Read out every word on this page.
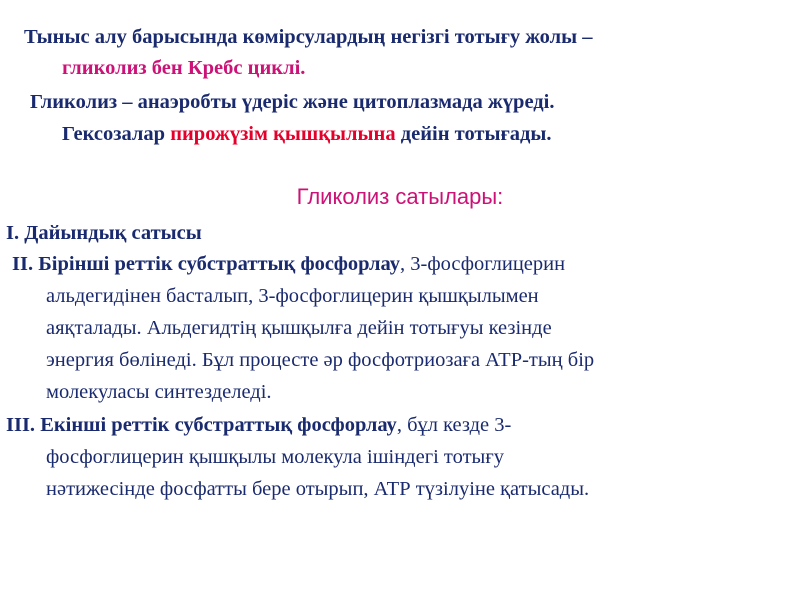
Тыныс алу барысында көмірсулардың негізгі тотығу жолы –

гликолиз бен Кребс циклі.

Гликолиз – анаэробты үдеріс және цитоплазмада жүреді.

Гексозалар пирожүзім қышқылына дейін тотығады.

Гликолиз сатылары:

I. Дайындық сатысы

II. Бірінші реттік субстраттық фосфорлау, 3-фосфоглицерин

альдегидінен басталып, 3-фосфоглицерин қышқылымен

аяқталады. Альдегидтің қышқылға дейін тотығуы кезінде

энергия бөлінеді. Бұл процесте әр фосфотриозаға АТР-тың бір

молекуласы синтезделеді.

III. Екінші реттік субстраттық фосфорлау, бұл кезде 3-

фосфоглицерин қышқылы молекула ішіндегі тотығу

нәтижесінде фосфатты бере отырып, АТР түзілуіне қатысады.
